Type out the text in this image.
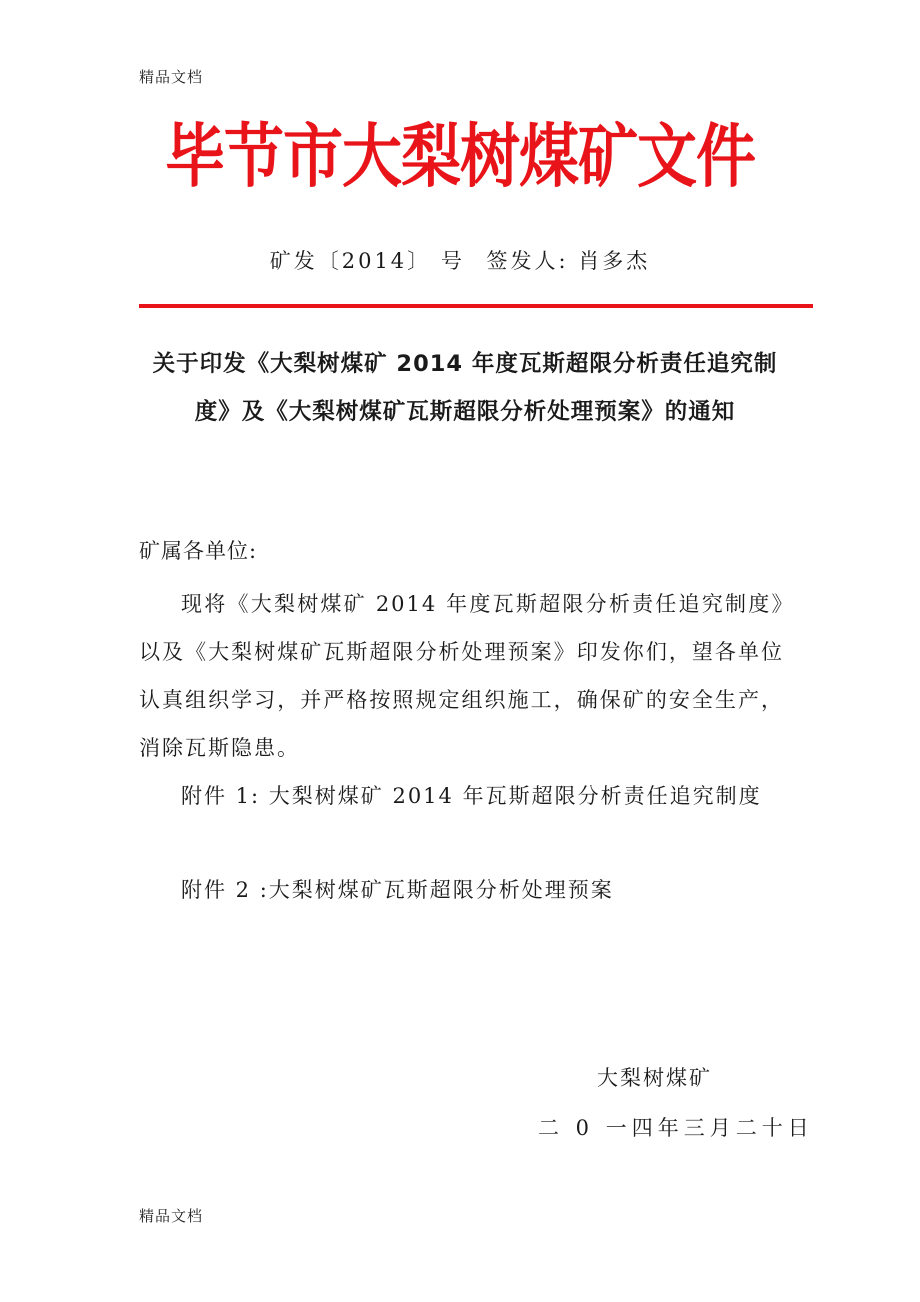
精品文档
毕节市大梨树煤矿文件
矿发〔2014〕 号 签发人: 肖多杰
关于印发《大梨树煤矿 2014 年度瓦斯超限分析责任追究制度》及《大梨树煤矿瓦斯超限分析处理预案》的通知
矿属各单位:
现将《大梨树煤矿 2014 年度瓦斯超限分析责任追究制度》以及《大梨树煤矿瓦斯超限分析处理预案》印发你们，望各单位认真组织学习，并严格按照规定组织施工，确保矿的安全生产，消除瓦斯隐患。
附件 1: 大梨树煤矿 2014 年瓦斯超限分析责任追究制度
附件 2 :大梨树煤矿瓦斯超限分析处理预案
大梨树煤矿
二 0 一四年三月二十日
精品文档
